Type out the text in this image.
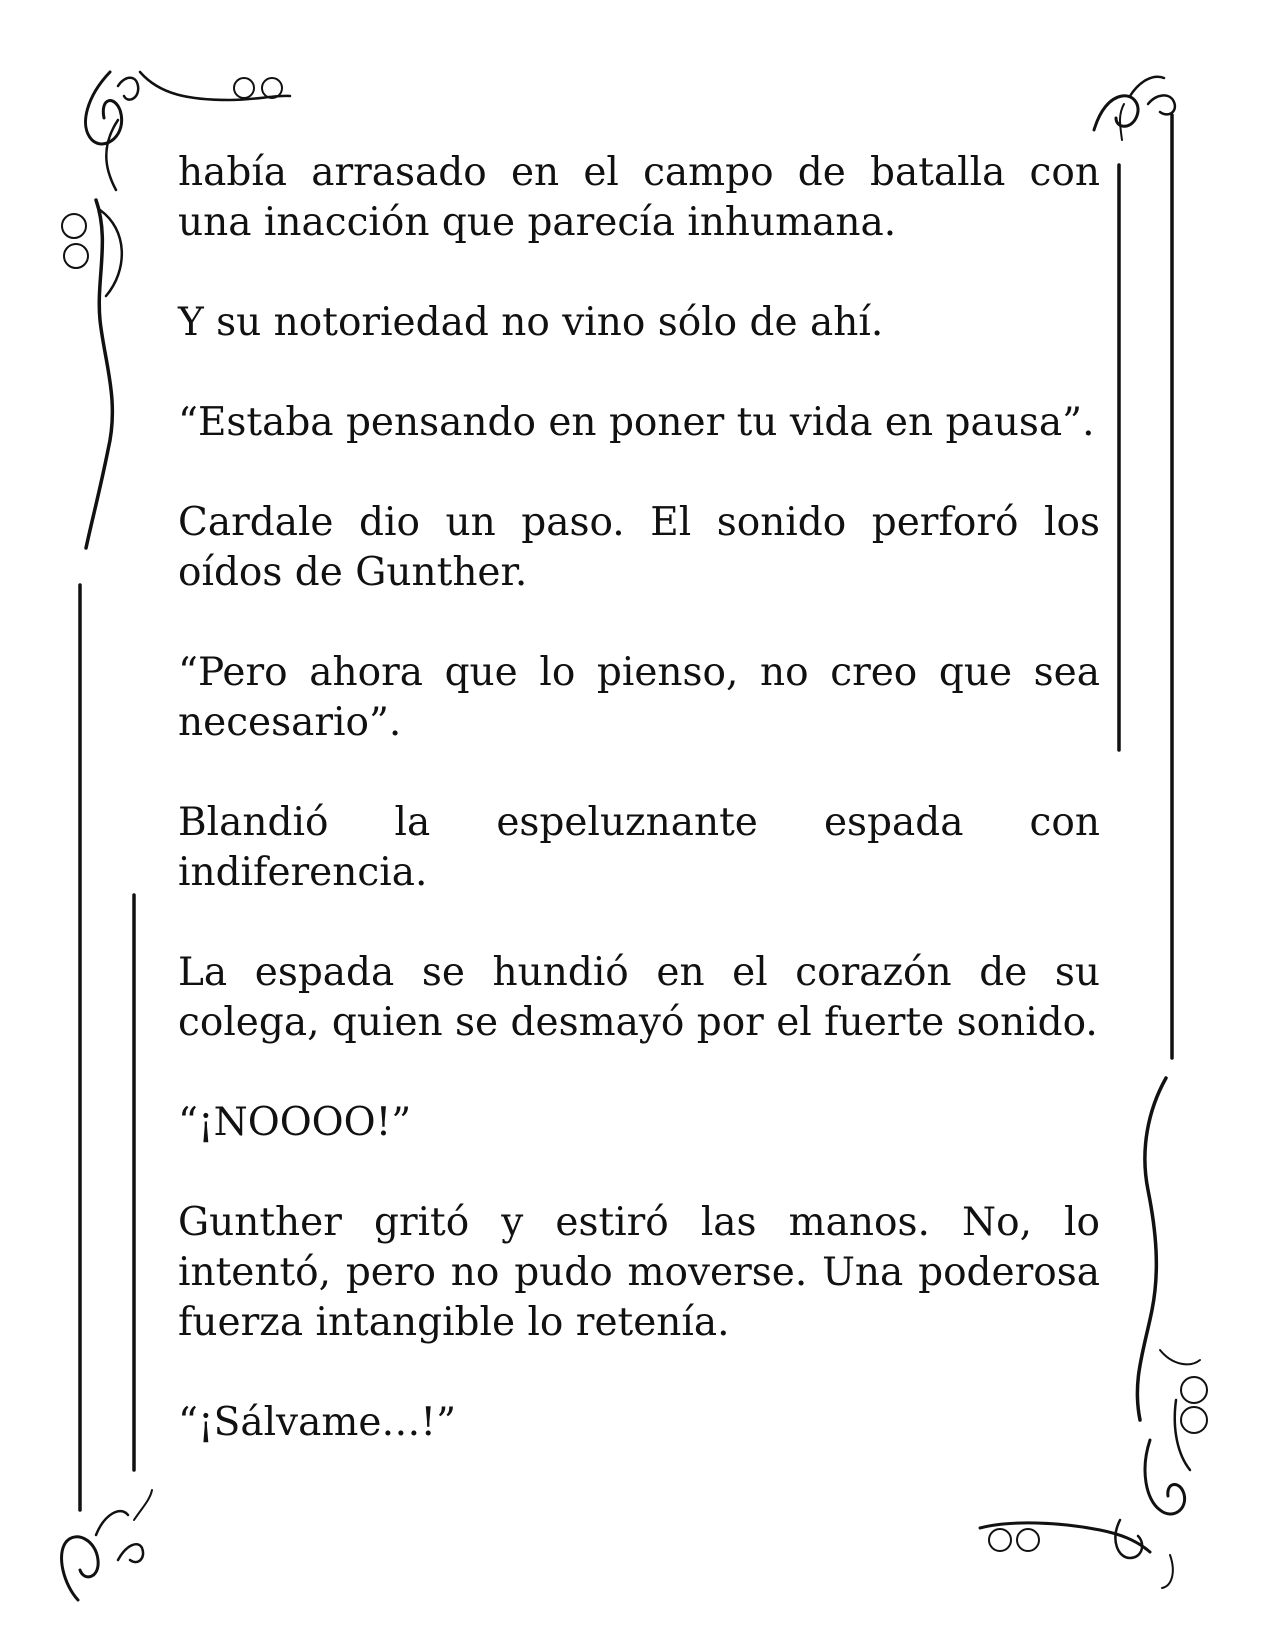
había arrasado en el campo de batalla con una inacción que parecía inhumana.

Y su notoriedad no vino sólo de ahí.

“Estaba pensando en poner tu vida en pausa”.

Cardale dio un paso. El sonido perforó los oídos de Gunther.

“Pero ahora que lo pienso, no creo que sea necesario”.

Blandió la espeluznante espada con indiferencia.

La espada se hundió en el corazón de su colega, quien se desmayó por el fuerte sonido.

“¡NOOOO!”

Gunther gritó y estiró las manos. No, lo intentó, pero no pudo moverse. Una poderosa fuerza intangible lo retenía.

“¡Sálvame…!”
